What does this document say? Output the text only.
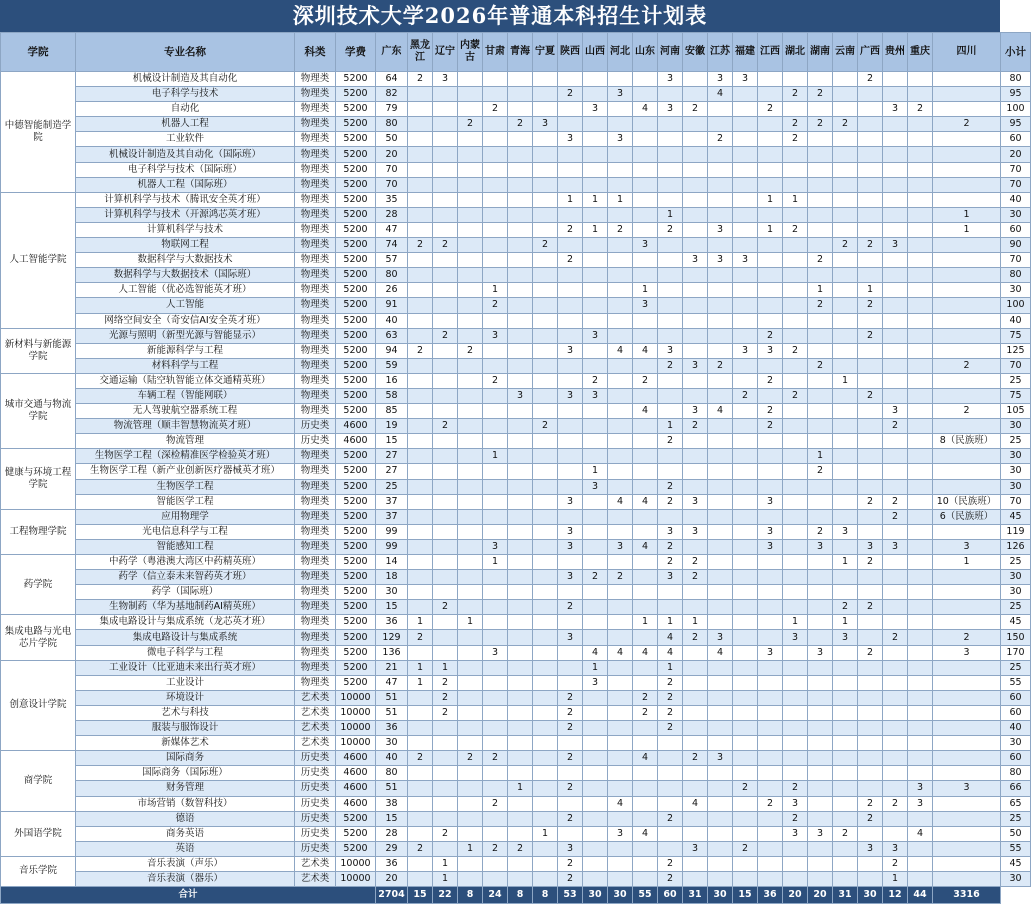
深圳技术大学2026年普通本科招生计划表
学院	专业名称	科类	学费	广东	黑龙江	辽宁	内蒙古	甘肃	青海	宁夏	陕西	山西	河北	山东	河南	安徽	江苏	福建	江西	湖北	湖南	云南	广西	贵州	重庆	四川	小计
中德智能制造学院	机械设计制造及其自动化	物理类	5200	64	2	3									3		3	3					2				80
	电子科学与技术	物理类	5200	82							2		3				4			2	2						95
	自动化	物理类	5200	79				2				3		4	3	2			2					3	2		100
	机器人工程	物理类	5200	80			2		2	3										2	2	2				2	95
	工业软件	物理类	5200	50							3		3				2			2							60
	机械设计制造及其自动化（国际班）	物理类	5200	20																							20
	电子科学与技术（国际班）	物理类	5200	70																							70
	机器人工程（国际班）	物理类	5200	70																							70
人工智能学院	计算机科学与技术（腾讯安全英才班）	物理类	5200	35							1	1	1						1	1							40
	计算机科学与技术（开源鸿芯英才班）	物理类	5200	28											1											1	30
	计算机科学与技术	物理类	5200	47							2	1	2		2		3		1	2						1	60
	物联网工程	物理类	5200	74	2	2				2				3								2	2	3			90
	数据科学与大数据技术	物理类	5200	57							2					3	3	3			2						70
	数据科学与大数据技术（国际班）	物理类	5200	80																							80
	人工智能（优必选智能英才班）	物理类	5200	26				1						1							1		1				30
	人工智能	物理类	5200	91				2						3							2		2				100
	网络空间安全（奇安信AI安全英才班）	物理类	5200	40																							40
新材料与新能源学院	光源与照明（新型光源与智能显示）	物理类	5200	63		2		3				3							2				2				75
	新能源科学与工程	物理类	5200	94	2		2				3		4	4	3			3	3	2							125
	材料科学与工程	物理类	5200	59											2	3	2				2					2	70
城市交通与物流学院	交通运输（陆空轨智能立体交通精英班）	物理类	5200	16				2				2		2					2			1					25
	车辆工程（智能网联）	物理类	5200	58					3		3	3						2		2			2				75
	无人驾驶航空器系统工程	物理类	5200	85										4		3	4		2					3		2	105
	物流管理（顺丰智慧物流英才班）	历史类	4600	19		2				2					1	2			2					2			30
	物流管理	历史类	4600	15											2											8（民族班）	25
健康与环境工程学院	生物医学工程（深检精准医学检验英才班）	物理类	5200	27				1													1						30
	生物医学工程（新产业创新医疗器械英才班）	物理类	5200	27								1									2						30
	生物医学工程	物理类	5200	25								3			2												30
	智能医学工程	物理类	5200	37							3		4	4	2	3			3				2	2		10（民族班）	70
工程物理学院	应用物理学	物理类	5200	37																				2		6（民族班）	45
	光电信息科学与工程	物理类	5200	99							3				3	3			3		2	3					119
	智能感知工程	物理类	5200	99				3			3		3	4	2				3		3		3	3		3	126
药学院	中药学（粤港澳大湾区中药精英班）	物理类	5200	14				1							2	2						1	2			1	25
	药学（信立泰未来智药英才班）	物理类	5200	18							3	2	2		3	2											30
	药学（国际班）	物理类	5200	30																							30
	生物制药（华为基地制药AI精英班）	物理类	5200	15		2					2											2	2				25
集成电路与光电芯片学院	集成电路设计与集成系统（龙芯英才班）	物理类	5200	36	1		1							1	1	1				1		1					45
	集成电路设计与集成系统	物理类	5200	129	2						3				4	2	3			3		3		2		2	150
	微电子科学与工程	物理类	5200	136				3				4	4	4	4		4		3		3		2			3	170
创意设计学院	工业设计（比亚迪未来出行英才班）	物理类	5200	21	1	1						1			1												25
	工业设计	物理类	5200	47	1	2						3			2												55
	环境设计	艺术类	10000	51		2					2			2	2												60
	艺术与科技	艺术类	10000	51		2					2			2	2												60
	服装与服饰设计	艺术类	10000	36							2				2												40
	新媒体艺术	艺术类	10000	30																							30
商学院	国际商务	历史类	4600	40	2		2	2			2			4		2	3										60
	国际商务（国际班）	历史类	4600	80																							80
	财务管理	历史类	4600	51					1		2							2		2					3	3	66
	市场营销（数智科技）	历史类	4600	38				2					4			4			2	3			2	2	3		65
外国语学院	德语	历史类	5200	15							2				2					2			2				25
	商务英语	历史类	5200	28		2				1			3	4						3	3	2			4		50
	英语	历史类	5200	29	2		1	2	2		3					3		2					3	3			55
音乐学院	音乐表演（声乐）	艺术类	10000	36		1					2				2									2			45
	音乐表演（器乐）	艺术类	10000	20		1					2				2									1			30
合计				2704	15	22	8	24	8	8	53	30	30	55	60	31	30	15	36	20	20	31	30	12	44	3316	
